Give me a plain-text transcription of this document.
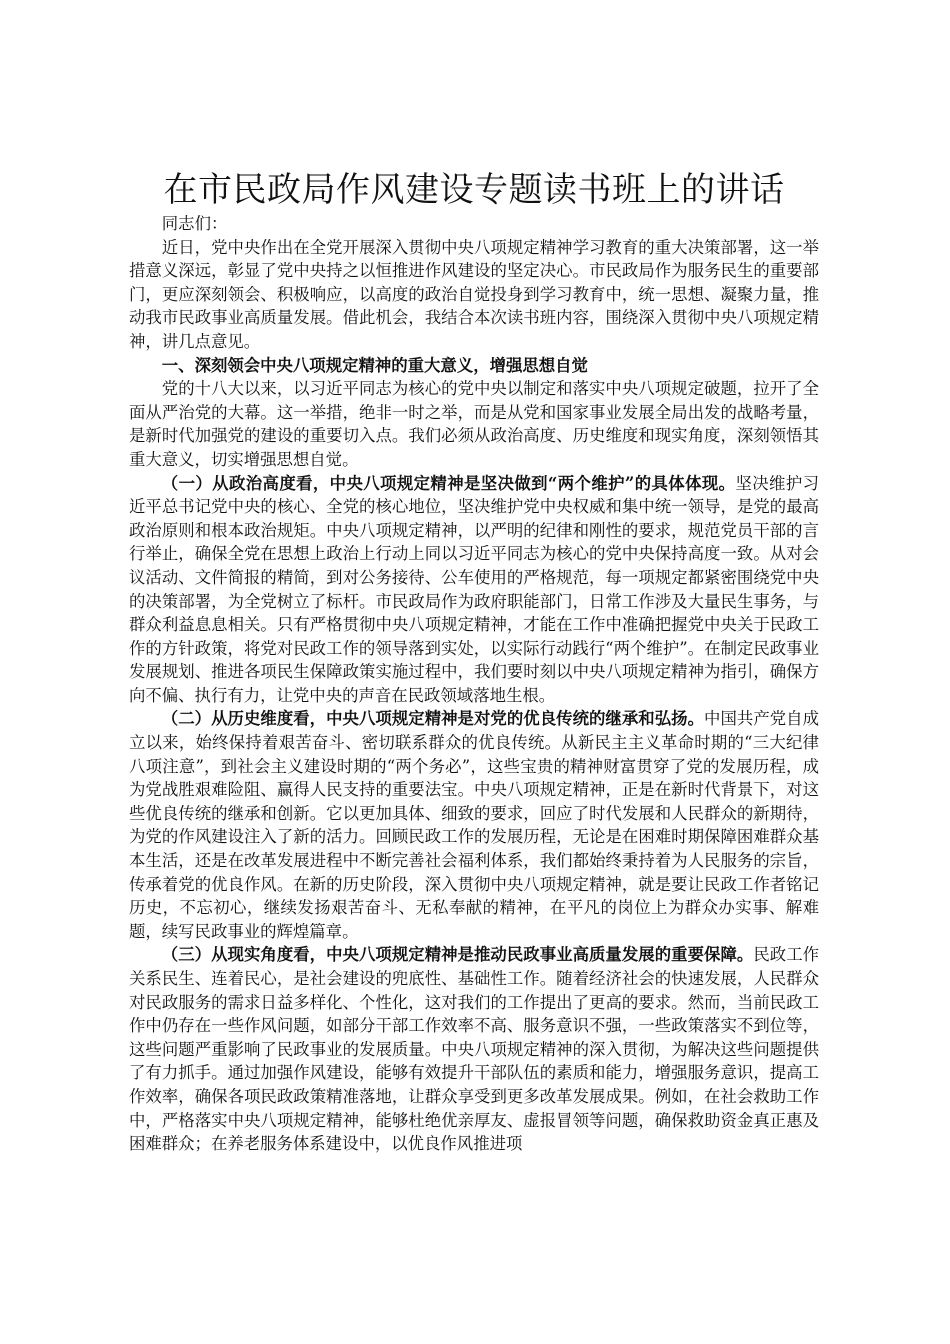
在市民政局作风建设专题读书班上的讲话

同志们：

近日，党中央作出在全党开展深入贯彻中央八项规定精神学习教育的重大决策部署，这一举措意义深远，彰显了党中央持之以恒推进作风建设的坚定决心。市民政局作为服务民生的重要部门，更应深刻领会、积极响应，以高度的政治自觉投身到学习教育中，统一思想、凝聚力量，推动我市民政事业高质量发展。借此机会，我结合本次读书班内容，围绕深入贯彻中央八项规定精神，讲几点意见。

一、深刻领会中央八项规定精神的重大意义，增强思想自觉

党的十八大以来，以习近平同志为核心的党中央以制定和落实中央八项规定破题，拉开了全面从严治党的大幕。这一举措，绝非一时之举，而是从党和国家事业发展全局出发的战略考量，是新时代加强党的建设的重要切入点。我们必须从政治高度、历史维度和现实角度，深刻领悟其重大意义，切实增强思想自觉。

（一）从政治高度看，中央八项规定精神是坚决做到“两个维护”的具体体现。坚决维护习近平总书记党中央的核心、全党的核心地位，坚决维护党中央权威和集中统一领导，是党的最高政治原则和根本政治规矩。中央八项规定精神，以严明的纪律和刚性的要求，规范党员干部的言行举止，确保全党在思想上政治上行动上同以习近平同志为核心的党中央保持高度一致。从对会议活动、文件简报的精简，到对公务接待、公车使用的严格规范，每一项规定都紧密围绕党中央的决策部署，为全党树立了标杆。市民政局作为政府职能部门，日常工作涉及大量民生事务，与群众利益息息相关。只有严格贯彻中央八项规定精神，才能在工作中准确把握党中央关于民政工作的方针政策，将党对民政工作的领导落到实处，以实际行动践行“两个维护”。在制定民政事业发展规划、推进各项民生保障政策实施过程中，我们要时刻以中央八项规定精神为指引，确保方向不偏、执行有力，让党中央的声音在民政领域落地生根。

（二）从历史维度看，中央八项规定精神是对党的优良传统的继承和弘扬。中国共产党自成立以来，始终保持着艰苦奋斗、密切联系群众的优良传统。从新民主主义革命时期的“三大纪律八项注意”，到社会主义建设时期的“两个务必”，这些宝贵的精神财富贯穿了党的发展历程，成为党战胜艰难险阻、赢得人民支持的重要法宝。中央八项规定精神，正是在新时代背景下，对这些优良传统的继承和创新。它以更加具体、细致的要求，回应了时代发展和人民群众的新期待，为党的作风建设注入了新的活力。回顾民政工作的发展历程，无论是在困难时期保障困难群众基本生活，还是在改革发展进程中不断完善社会福利体系，我们都始终秉持着为人民服务的宗旨，传承着党的优良作风。在新的历史阶段，深入贯彻中央八项规定精神，就是要让民政工作者铭记历史，不忘初心，继续发扬艰苦奋斗、无私奉献的精神，在平凡的岗位上为群众办实事、解难题，续写民政事业的辉煌篇章。

（三）从现实角度看，中央八项规定精神是推动民政事业高质量发展的重要保障。民政工作关系民生、连着民心，是社会建设的兜底性、基础性工作。随着经济社会的快速发展，人民群众对民政服务的需求日益多样化、个性化，这对我们的工作提出了更高的要求。然而，当前民政工作中仍存在一些作风问题，如部分干部工作效率不高、服务意识不强，一些政策落实不到位等，这些问题严重影响了民政事业的发展质量。中央八项规定精神的深入贯彻，为解决这些问题提供了有力抓手。通过加强作风建设，能够有效提升干部队伍的素质和能力，增强服务意识，提高工作效率，确保各项民政政策精准落地，让群众享受到更多改革发展成果。例如，在社会救助工作中，严格落实中央八项规定精神，能够杜绝优亲厚友、虚报冒领等问题，确保救助资金真正惠及困难群众；在养老服务体系建设中，以优良作风推进项
